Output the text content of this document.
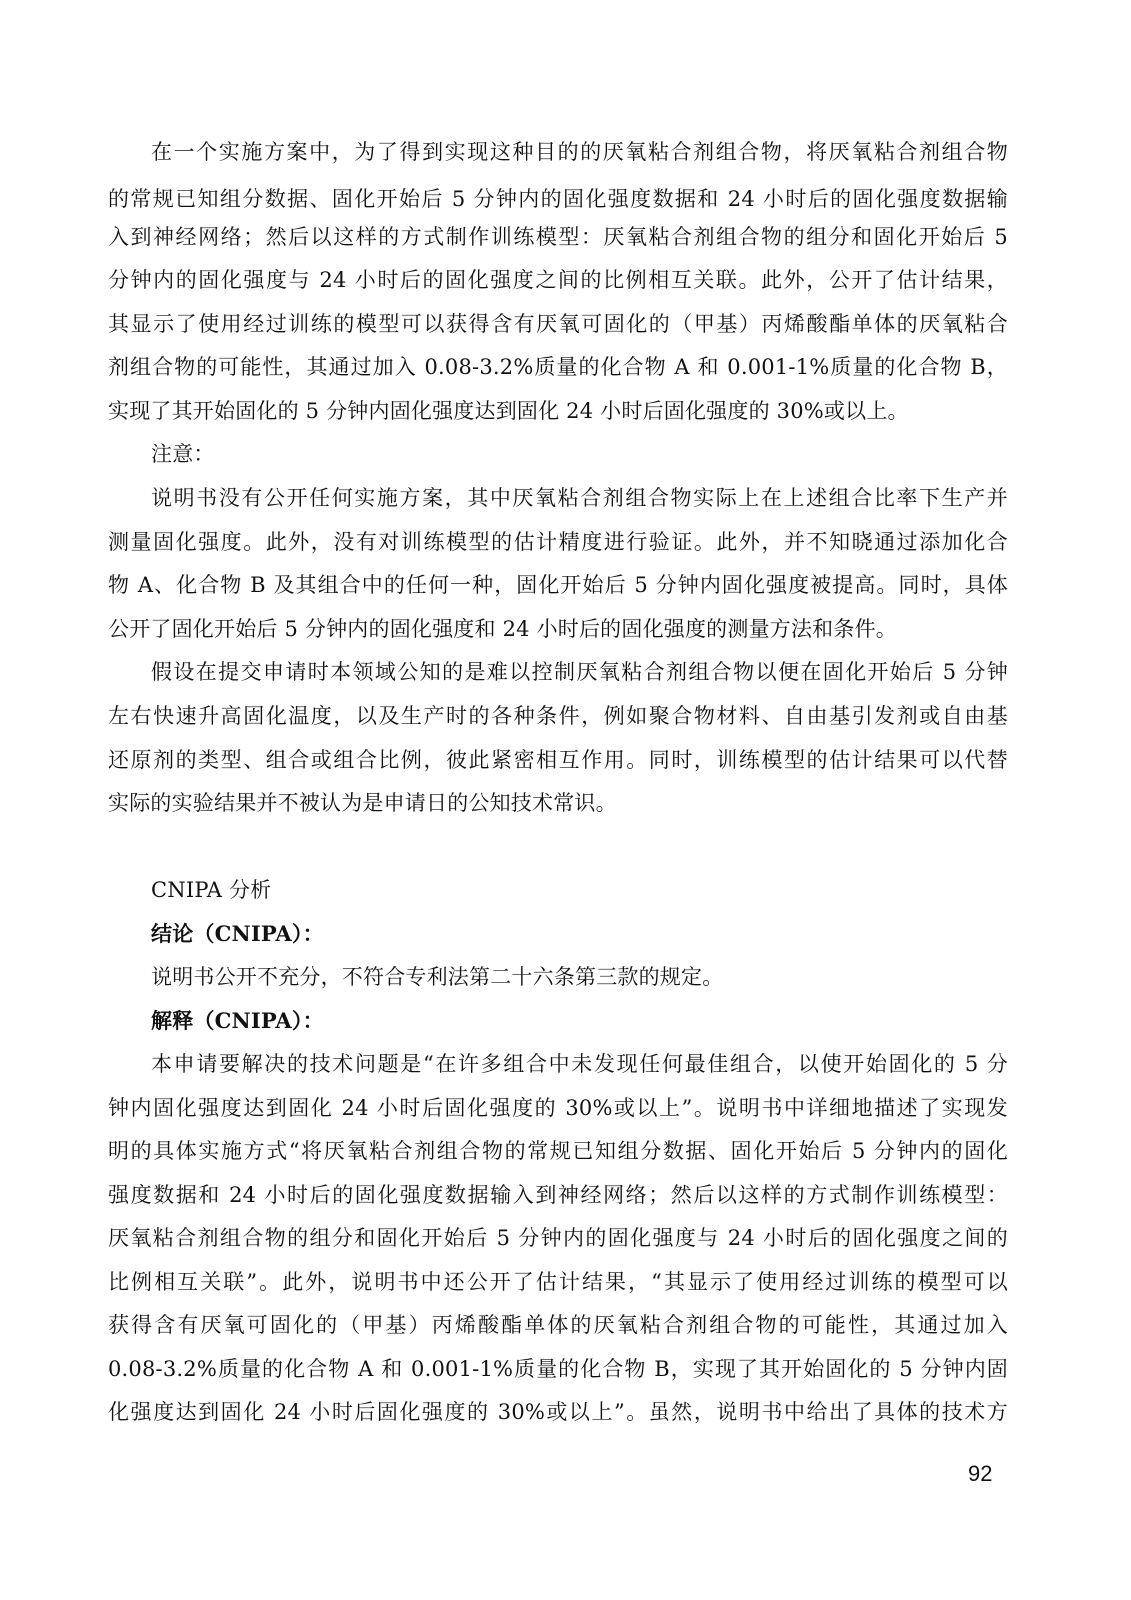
在一个实施方案中，为了得到实现这种目的的厌氧粘合剂组合物，将厌氧粘合剂组合物
的常规已知组分数据、固化开始后 5 分钟内的固化强度数据和 24 小时后的固化强度数据输
入到神经网络；然后以这样的方式制作训练模型：厌氧粘合剂组合物的组分和固化开始后 5
分钟内的固化强度与 24 小时后的固化强度之间的比例相互关联。此外，公开了估计结果，
其显示了使用经过训练的模型可以获得含有厌氧可固化的（甲基）丙烯酸酯单体的厌氧粘合
剂组合物的可能性，其通过加入 0.08-3.2%质量的化合物 A 和 0.001-1%质量的化合物 B，
实现了其开始固化的 5 分钟内固化强度达到固化 24 小时后固化强度的 30%或以上。
注意：
说明书没有公开任何实施方案，其中厌氧粘合剂组合物实际上在上述组合比率下生产并
测量固化强度。此外，没有对训练模型的估计精度进行验证。此外，并不知晓通过添加化合
物 A、化合物 B 及其组合中的任何一种，固化开始后 5 分钟内固化强度被提高。同时，具体
公开了固化开始后 5 分钟内的固化强度和 24 小时后的固化强度的测量方法和条件。
假设在提交申请时本领域公知的是难以控制厌氧粘合剂组合物以便在固化开始后 5 分钟
左右快速升高固化温度，以及生产时的各种条件，例如聚合物材料、自由基引发剂或自由基
还原剂的类型、组合或组合比例，彼此紧密相互作用。同时，训练模型的估计结果可以代替
实际的实验结果并不被认为是申请日的公知技术常识。
CNIPA 分析
结论（CNIPA）：
说明书公开不充分，不符合专利法第二十六条第三款的规定。
解释（CNIPA）：
本申请要解决的技术问题是“在许多组合中未发现任何最佳组合，以使开始固化的 5 分
钟内固化强度达到固化 24 小时后固化强度的 30%或以上”。说明书中详细地描述了实现发
明的具体实施方式“将厌氧粘合剂组合物的常规已知组分数据、固化开始后 5 分钟内的固化
强度数据和 24 小时后的固化强度数据输入到神经网络；然后以这样的方式制作训练模型：
厌氧粘合剂组合物的组分和固化开始后 5 分钟内的固化强度与 24 小时后的固化强度之间的
比例相互关联”。此外，说明书中还公开了估计结果，“其显示了使用经过训练的模型可以
获得含有厌氧可固化的（甲基）丙烯酸酯单体的厌氧粘合剂组合物的可能性，其通过加入
0.08-3.2%质量的化合物 A 和 0.001-1%质量的化合物 B，实现了其开始固化的 5 分钟内固
化强度达到固化 24 小时后固化强度的 30%或以上”。虽然，说明书中给出了具体的技术方
92
